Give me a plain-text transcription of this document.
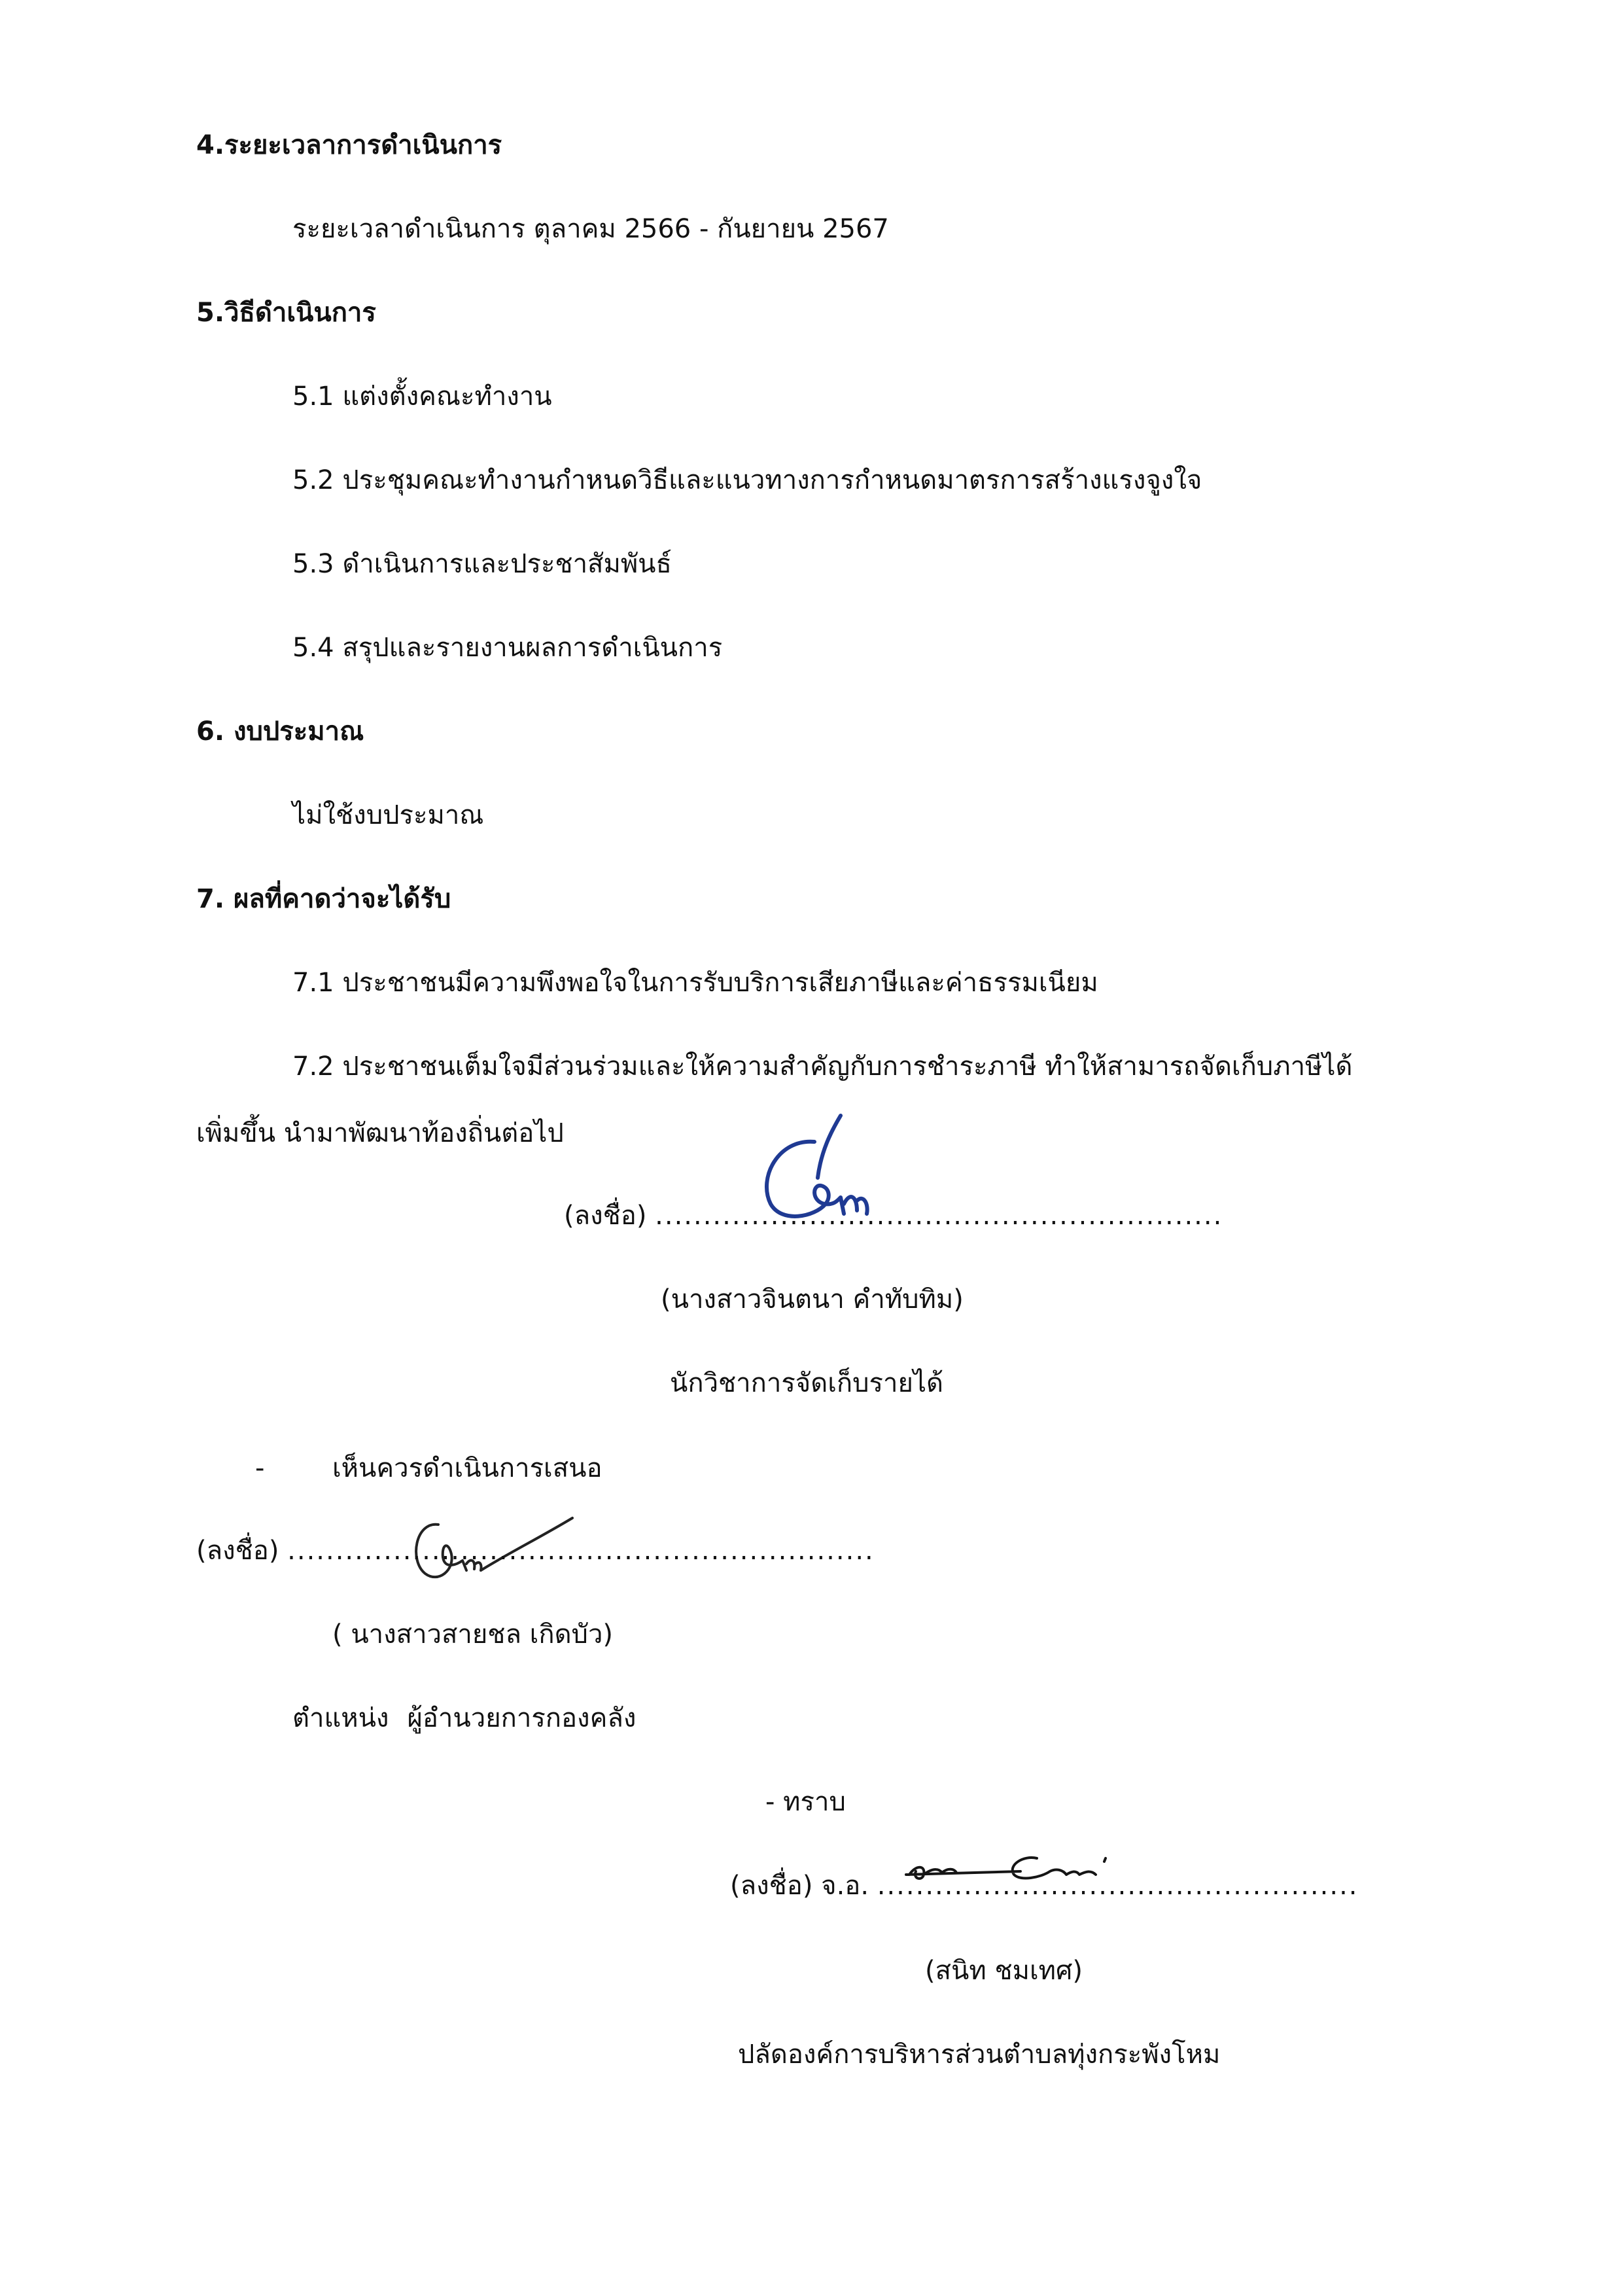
4.ระยะเวลาการดำเนินการ
ระยะเวลาดำเนินการ ตุลาคม 2566 - กันยายน 2567
5.วิธีดำเนินการ
5.1 แต่งตั้งคณะทำงาน
5.2 ประชุมคณะทำงานกำหนดวิธีและแนวทางการกำหนดมาตรการสร้างแรงจูงใจ
5.3 ดำเนินการและประชาสัมพันธ์
5.4 สรุปและรายงานผลการดำเนินการ
6. งบประมาณ
ไม่ใช้งบประมาณ
7. ผลที่คาดว่าจะได้รับ
7.1 ประชาชนมีความพึงพอใจในการรับบริการเสียภาษีและค่าธรรมเนียม
7.2 ประชาชนเต็มใจมีส่วนร่วมและให้ความสำคัญกับการชำระภาษี ทำให้สามารถจัดเก็บภาษีได้
เพิ่มขึ้น นำมาพัฒนาท้องถิ่นต่อไป
(ลงชื่อ) ...........................................................
(นางสาวจินตนา คำทับทิม)
นักวิชาการจัดเก็บรายได้
-	เห็นควรดำเนินการเสนอ
(ลงชื่อ) .............................................................
( นางสาวสายชล เกิดบัว)
ตำแหน่ง ผู้อำนวยการกองคลัง
- ทราบ
(ลงชื่อ) จ.อ. ..................................................
(สนิท ชมเทศ)
ปลัดองค์การบริหารส่วนตำบลทุ่งกระพังโหม
